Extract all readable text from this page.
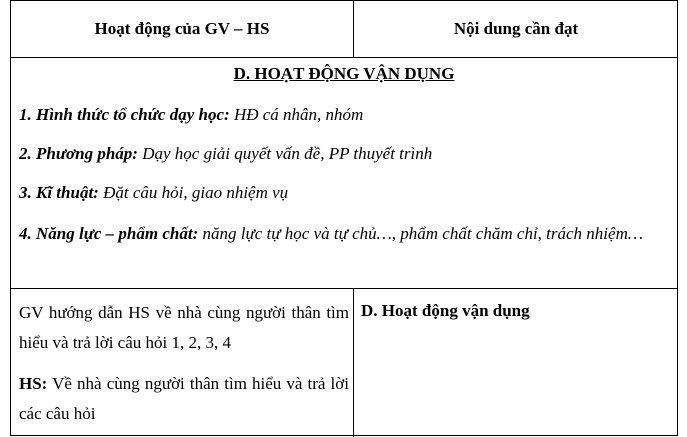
Hoạt động của GV – HS	Nội dung cần đạt
D. HOẠT ĐỘNG VẬN DỤNG
1. Hình thức tổ chức dạy học: HĐ cá nhân, nhóm
2. Phương pháp: Dạy học giải quyết vấn đề, PP thuyết trình
3. Kĩ thuật: Đặt câu hỏi, giao nhiệm vụ
4. Năng lực – phẩm chất: năng lực tự học và tự chủ…, phẩm chất chăm chỉ, trách nhiệm…
GV hướng dẫn HS về nhà cùng người thân tìm hiểu và trả lời câu hỏi 1, 2, 3, 4
HS: Về nhà cùng người thân tìm hiểu và trả lời các câu hỏi
D. Hoạt động vận dụng
